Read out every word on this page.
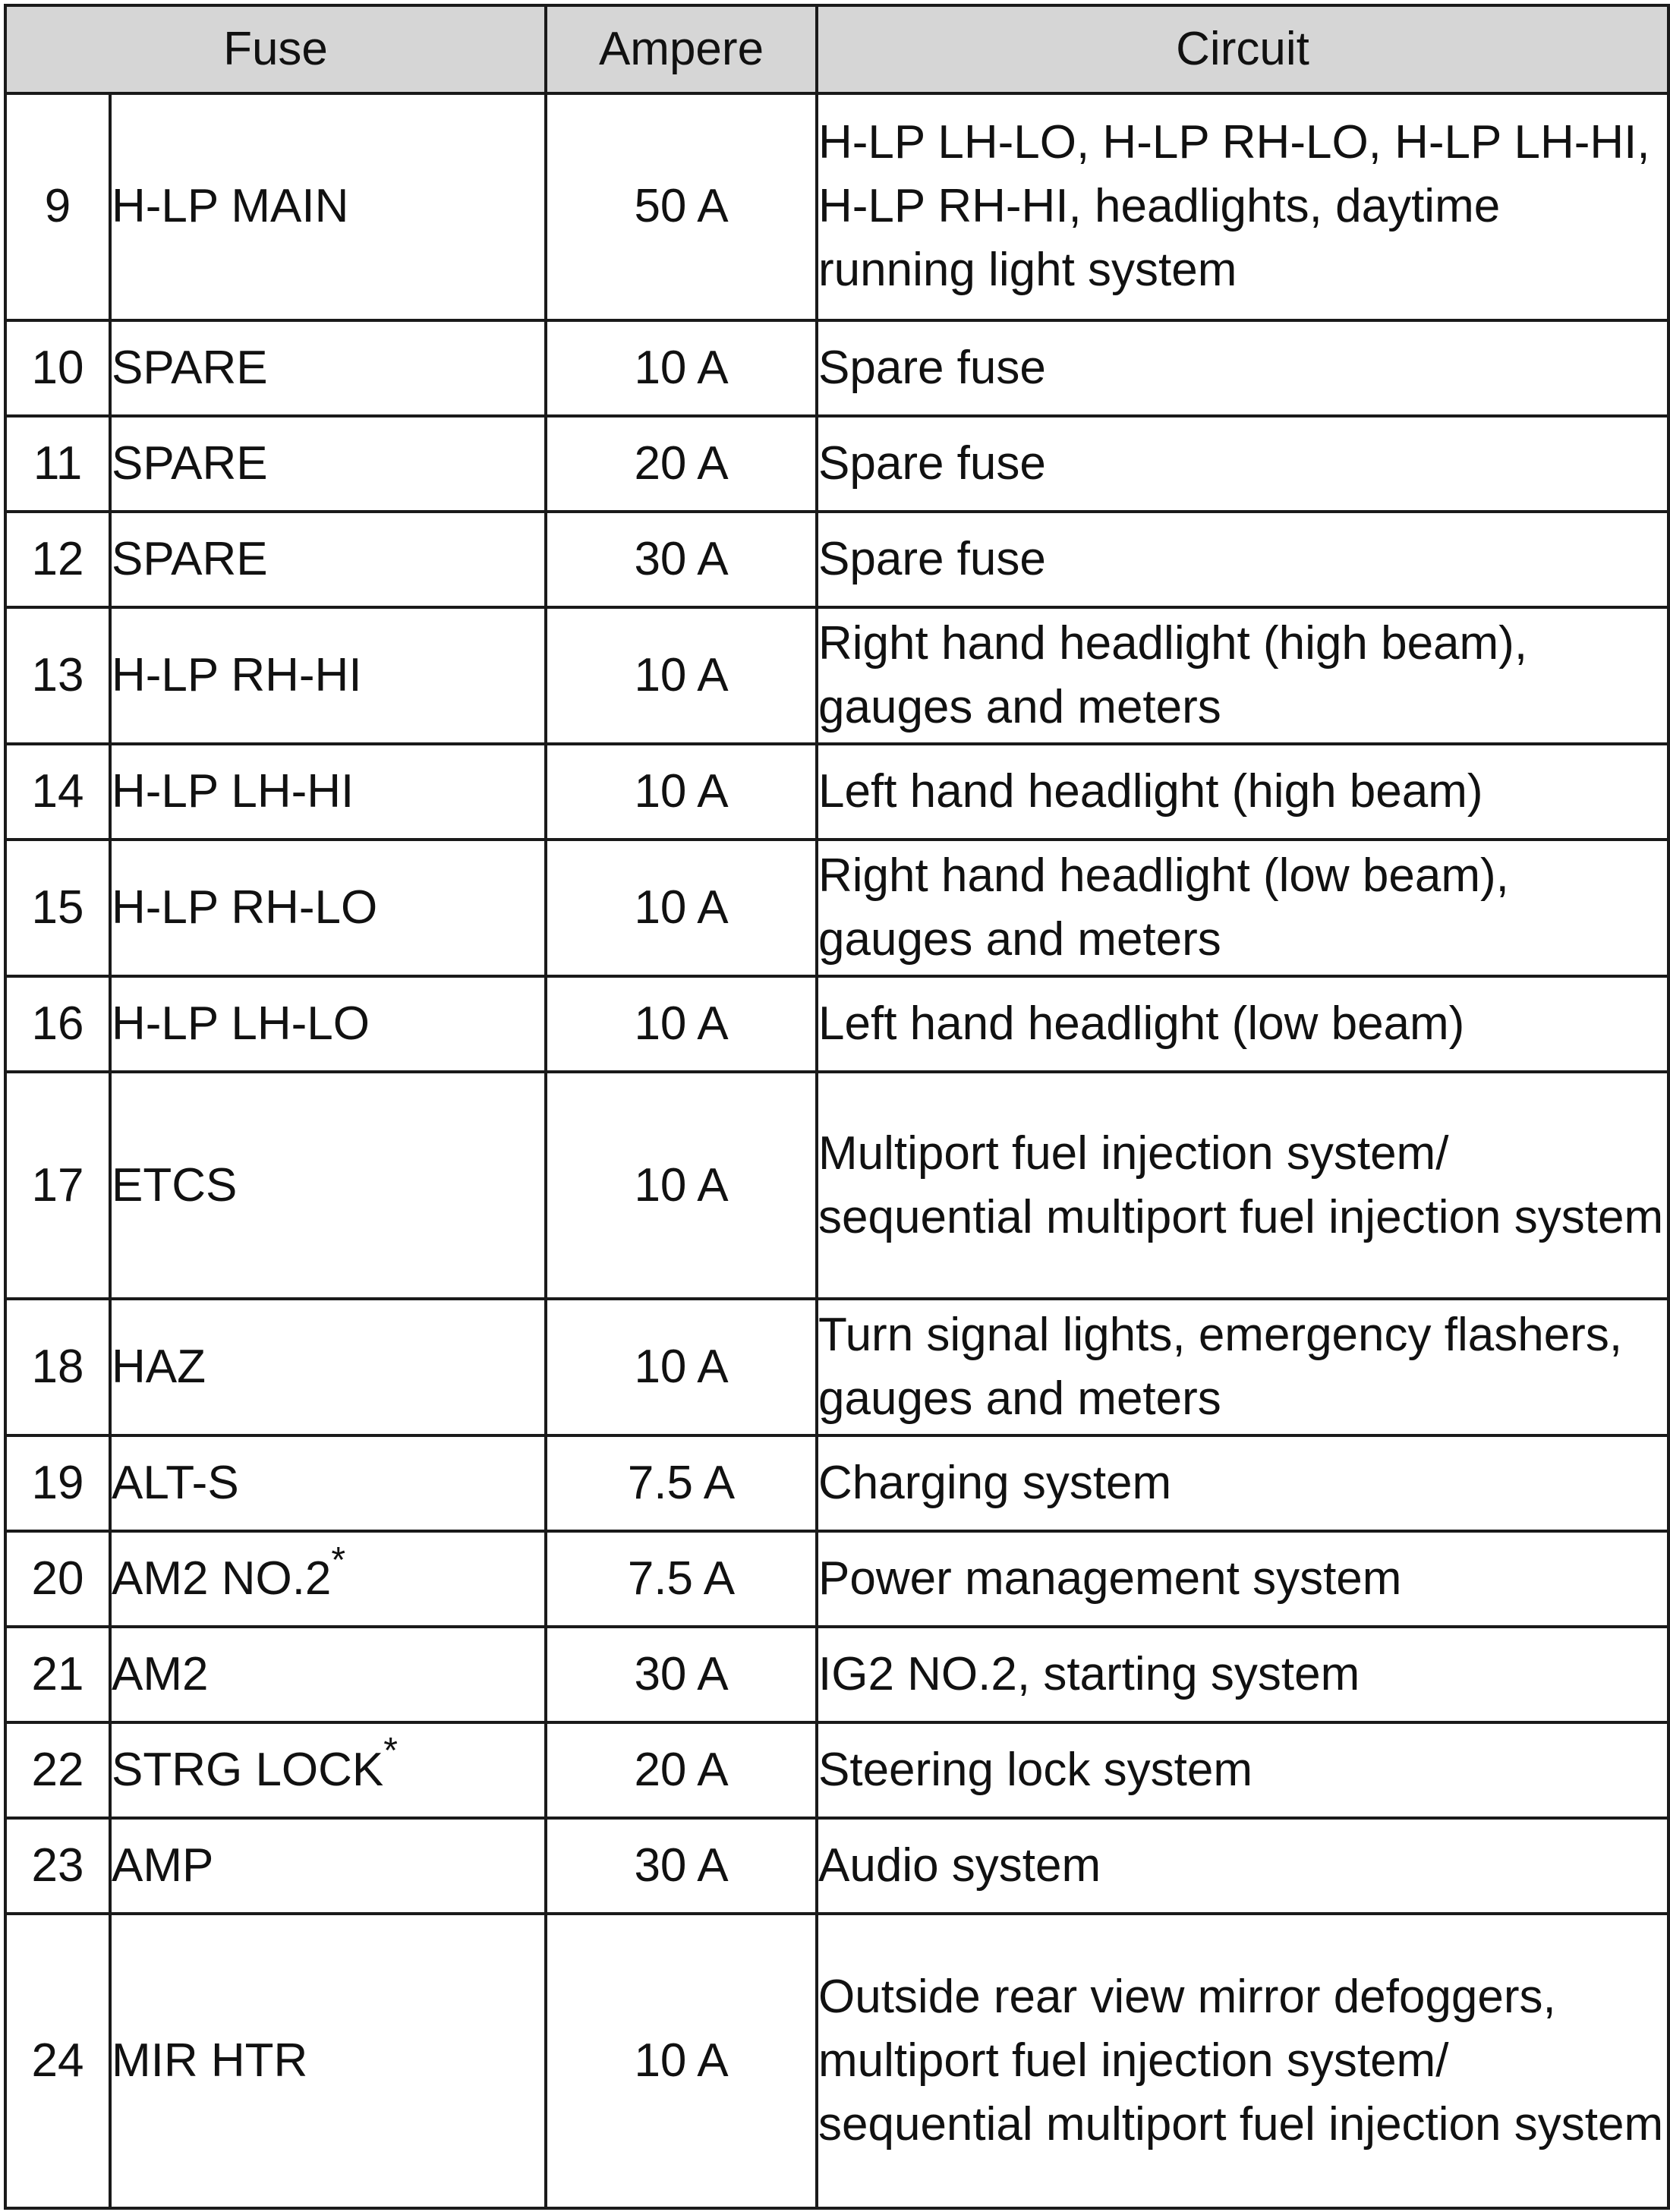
Fuse		Ampere	Circuit
9	H-LP MAIN	50 A	H-LP LH-LO, H-LP RH-LO, H-LP LH-HI, H-LP RH-HI, headlights, daytime running light system
10	SPARE	10 A	Spare fuse
11	SPARE	20 A	Spare fuse
12	SPARE	30 A	Spare fuse
13	H-LP RH-HI	10 A	Right hand headlight (high beam), gauges and meters
14	H-LP LH-HI	10 A	Left hand headlight (high beam)
15	H-LP RH-LO	10 A	Right hand headlight (low beam), gauges and meters
16	H-LP LH-LO	10 A	Left hand headlight (low beam)
17	ETCS	10 A	Multiport fuel injection system/ sequential multiport fuel injection system
18	HAZ	10 A	Turn signal lights, emergency flashers, gauges and meters
19	ALT-S	7.5 A	Charging system
20	AM2 NO.2*	7.5 A	Power management system
21	AM2	30 A	IG2 NO.2, starting system
22	STRG LOCK*	20 A	Steering lock system
23	AMP	30 A	Audio system
24	MIR HTR	10 A	Outside rear view mirror defoggers, multiport fuel injection system/ sequential multiport fuel injection system
